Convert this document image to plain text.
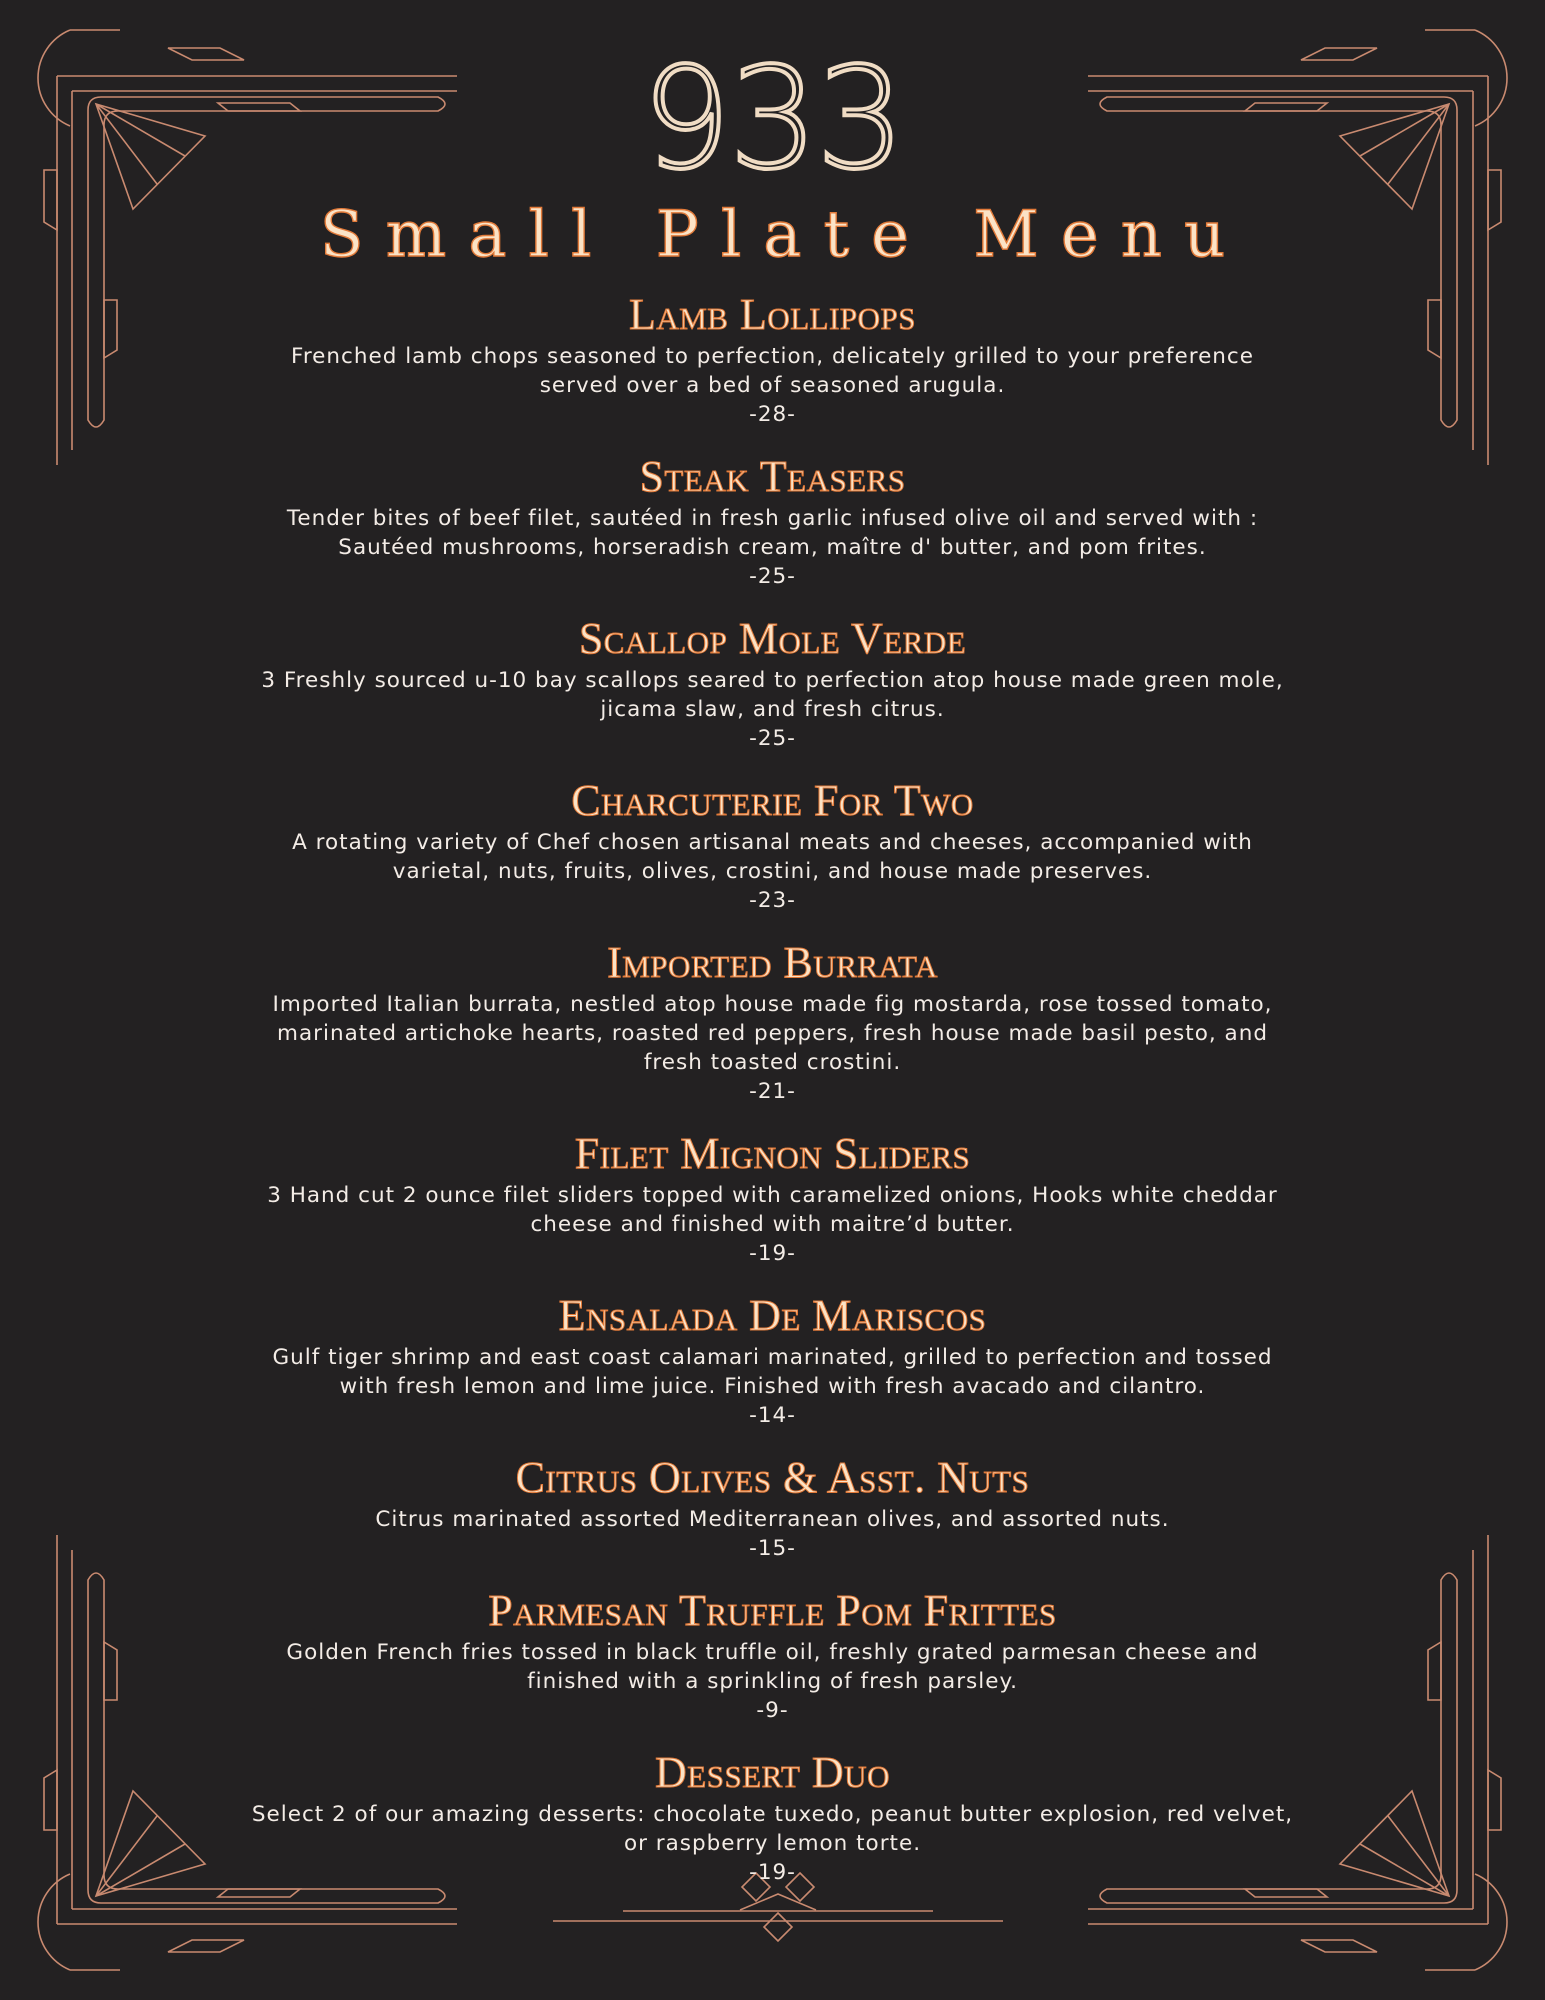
933
Small Plate Menu
Lamb Lollipops
Frenched lamb chops seasoned to perfection, delicately grilled to your preference
served over a bed of seasoned arugula.
-28-
Steak Teasers
Tender bites of beef filet, sautéed in fresh garlic infused olive oil and served with :
Sautéed mushrooms, horseradish cream, maître d' butter, and pom frites.
-25-
Scallop Mole Verde
3 Freshly sourced u-10 bay scallops seared to perfection atop house made green mole,
jicama slaw, and fresh citrus.
-25-
Charcuterie For Two
A rotating variety of Chef chosen artisanal meats and cheeses, accompanied with
varietal, nuts, fruits, olives, crostini, and house made preserves.
-23-
Imported Burrata
Imported Italian burrata, nestled atop house made fig mostarda, rose tossed tomato,
marinated artichoke hearts, roasted red peppers, fresh house made basil pesto, and
fresh toasted crostini.
-21-
Filet Mignon Sliders
3 Hand cut 2 ounce filet sliders topped with caramelized onions, Hooks white cheddar
cheese and finished with maitre’d butter.
-19-
Ensalada De Mariscos
Gulf tiger shrimp and east coast calamari marinated, grilled to perfection and tossed
with fresh lemon and lime juice. Finished with fresh avacado and cilantro.
-14-
Citrus Olives & Asst. Nuts
Citrus marinated assorted Mediterranean olives, and assorted nuts.
-15-
Parmesan Truffle Pom Frittes
Golden French fries tossed in black truffle oil, freshly grated parmesan cheese and
finished with a sprinkling of fresh parsley.
-9-
Dessert Duo
Select 2 of our amazing desserts: chocolate tuxedo, peanut butter explosion, red velvet,
or raspberry lemon torte.
-19-
